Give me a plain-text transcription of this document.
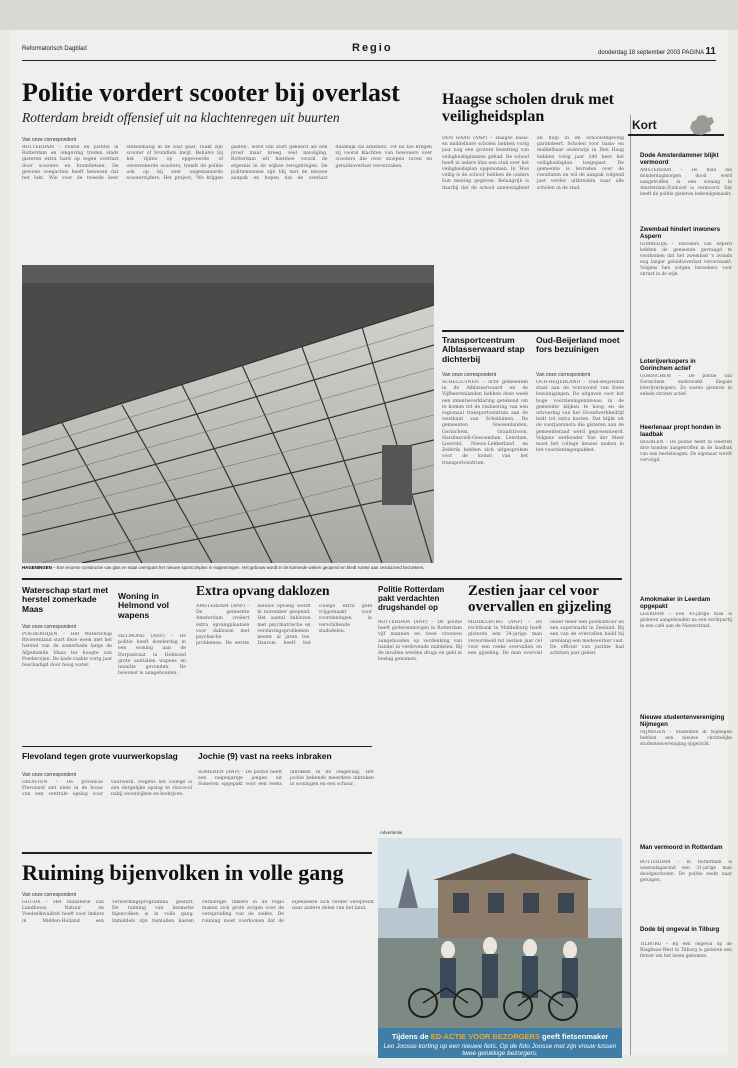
Reformatorisch Dagblad	Regio	donderdag 18 september 2003 PAGINA 11
Politie vordert scooter bij overlast
Rotterdam breidt offensief uit na klachtenregen uit buurten
Van onze correspondent
ROTTERDAM – Politie en justitie in Rotterdam en omgeving treden sinds gisteren extra hard op tegen overlast door scooters en bromfietsen. De gewone veegacties heeft bewezen dat het lukt. Wie voor de tweede keer stelselmatig in de fout gaat, raakt zijn scooter of bromfiets kwijt. Behalve bij het rijden op opgevoerde of onverzekerde scooters, treedt de politie ook op bij zeer ongemanierde scooterrijders. Het project, 'We krijgen gasten', werd van start gekeerd als een proef maar kreeg veel navolging. Rotterdam wil hiermee vooral de ergernis in de wijken terugdringen. De politiemensen zijn blij met de nieuwe aanpak en hopen dat de overlast duidelijk zal afnemen. Tot nu toe kregen zij vooral klachten van bewoners over scooters die over stoepen racen en geluidsoverlast veroorzaken.
HAGENINGEN – Een enorme constructie van glas en staal overspant het nieuwe sportcomplex in Hagenningen. Het gebouw wordt in de komende weken geopend en biedt ruimte aan zesduizend bezoekers.
Haagse scholen druk met veiligheidsplan
DEN HAAG (ANP) – Haagse basis- en middelbare scholen hebben vorig jaar nog een grotere bezetting van veiligheidsplannen gehad. De school heeft in iedere klas een stuk over het veiligheidsplan opgenomen. In 'Hoe veilig is de school' hebben de ouders hun mening gegeven. Belangrijk is daarbij dat de school aanwezigheid en hulp in de schoolomgeving garandeert. Scholen voor basis- en middelbaar onderwijs in Den Haag hebben vorig jaar 240 keer het veiligheidsplan toegepast. De gemeente is tevreden over de resultaten en wil de aanpak volgend jaar verder uitbreiden naar alle scholen in de stad.
Transportcentrum Alblasserwaard stap dichterbij
Van onze correspondent
SCHELLUINEN – Acht gemeenten in de Alblasserwaard en de Vijfheerenlanden hebben deze week een intentieverklaring getekend om te komen tot de realisering van een regionaal transportcentrum aan de westkant van Schelluinen. De gemeenten Giessenlanden, Gorinchem, Graafstroom, Hardinxveld-Giessendam, Leerdam, Liesveld, Nieuw-Lekkerland en Zederik hebben zich uitgesproken voor de komst van het transportcentrum.
Oud-Beijerland moet fors bezuinigen
Van onze correspondent
OUD-BEIJERLAND – Oud-Beijerland staat aan de vooravond van forse bezuinigingen. De uitgaven voor het hoge voorzieningenniveau in de gemeente blijken te hoog en de uitvoering van het Grondwerkbedrijf leidt tot extra kosten. Dat blijkt uit de voorjaarsnota die gisteren aan de gemeenteraad werd gepresenteerd. Volgens wethouder Van der Meer moet het college keuzes maken in het voorzieningenpakket.
Kort
Dode Amsterdammer blijkt vermoord
AMSTERDAM – De man die donderdagmorgen dood werd aangetroffen in een woning in Amsterdam-Zuidoost is vermoord. Dat heeft de politie gisteren bekendgemaakt.
Zwembad hindert inwoners Aspern
GORREDIJK – Inwoners van Aspern hebben de gemeente gevraagd te voorkomen dat het zwembad 's avonds nog langer geluidsoverlast veroorzaakt. Volgens hen zorgen bezoekers voor onrust in de wijk.
Loterijverkopers in Gorinchem actief
GORINCHEM – De politie van Gorinchem onderzoekt illegale loterijverkopers. Ze waren gisteren in enkele straten actief.
Heerlenaar propt honden in laadbak
HEERLEN – De politie heeft in Heerlen drie honden aangetroffen in de laadbak van een bestelwagen. De eigenaar wordt vervolgd.
Amokmaker in Leerdam opgepakt
LEERDAM – Een 43-jarige man is gisteren aangehouden na een vechtpartij in een café aan de Nieuwstraat.
Nieuwe studentenvereniging Nijmegen
NIJMEGEN – Studenten in Nijmegen hebben een nieuwe christelijke studentenvereniging opgericht.
Man vermoord in Rotterdam
ROTTERDAM – In Rotterdam is woensdagavond een 31-jarige man doodgeschoten. De politie zoekt naar getuigen.
Dode bij ongeval in Tilburg
TILBURG – Bij een ongeval op de Ringbaan-West in Tilburg is gisteren een fietser om het leven gekomen.
Waterschap start met herstel zomerkade Maas
Van onze correspondent
POEDEROIJEN – Het Waterschap Rivierenland start deze week met het herstel van de zomerkade langs de Afgedamde Maas ter hoogte van Poederoijen. De kade raakte vorig jaar beschadigd door hoog water.
Woning in Helmond vol wapens
HELMOND (ANP) – De politie heeft donderdag in een woning aan de Dorpsstraat in Helmond grote aantallen wapens en munitie gevonden. De bewoner is aangehouden.
Extra opvang daklozen
AMSTERDAM (ANP) – De gemeente Amsterdam creëert extra opvangplaatsen voor daklozen met psychische problemen. De eerste nieuwe opvang wordt in november geopend. Het aantal daklozen met psychiatrische en verslavingsproblemen neemt al jaren toe. Daarom heeft het college extra geld vrijgemaakt voor voorzieningen in verschillende stadsdelen.
Politie Rotterdam pakt verdachten drugshandel op
ROTTERDAM (ANP) – De politie heeft gisterenmorgen in Rotterdam vijf mannen en twee vrouwen aangehouden op verdenking van handel in verdovende middelen. Bij de invallen werden drugs en geld in beslag genomen.
Zestien jaar cel voor overvallen en gijzeling
MIDDELBURG (ANP) – De rechtbank in Middelburg heeft gisteren een 34-jarige man veroordeeld tot zestien jaar cel voor een reeks overvallen en een gijzeling. De man overviel onder meer een postkantoor en een supermarkt in Zeeland. Bij een van de overvallen hield hij urenlang een medewerker vast. De officier van justitie had achttien jaar geëist.
Flevoland tegen grote vuurwerkopslag
Van onze correspondent
DRONTEN – De provincie Flevoland ziet niets in de bouw van een centrale opslag voor vuurwerk. Volgens het college is een dergelijke opslag te risicovol nabij woonwijken en bedrijven.
Jochie (9) vast na reeks inbraken
SOMEREN (ANP) – De politie heeft een negenjarige jongen uit Someren opgepakt voor een reeks inbraken in de omgeving. Het jochie bekende meerdere inbraken in woningen en een schuur.
Ruiming bijenvolken in volle gang
Van onze correspondent
GOUDA – Het ministerie van Landbouw, Natuur en Voedselkwaliteit heeft voor imkers in Midden-Holland een verwerkingsprogramma gestart. De ruiming van besmette bijenvolken is in volle gang. Inmiddels zijn tientallen kasten vernietigd. Imkers in de regio maken zich grote zorgen over de verspreiding van de ziekte. De ruiming moet voorkomen dat de bijenziekte zich verder verspreidt naar andere delen van het land.
Advertentie
Tijdens de ED-ACTIE VOOR BEZORGERS geeft fietsenmaker
Leo Joosse korting op een nieuwe fiets. Op de foto Joosse met zijn vrouw tussen twee gelukkige bezorgers.
